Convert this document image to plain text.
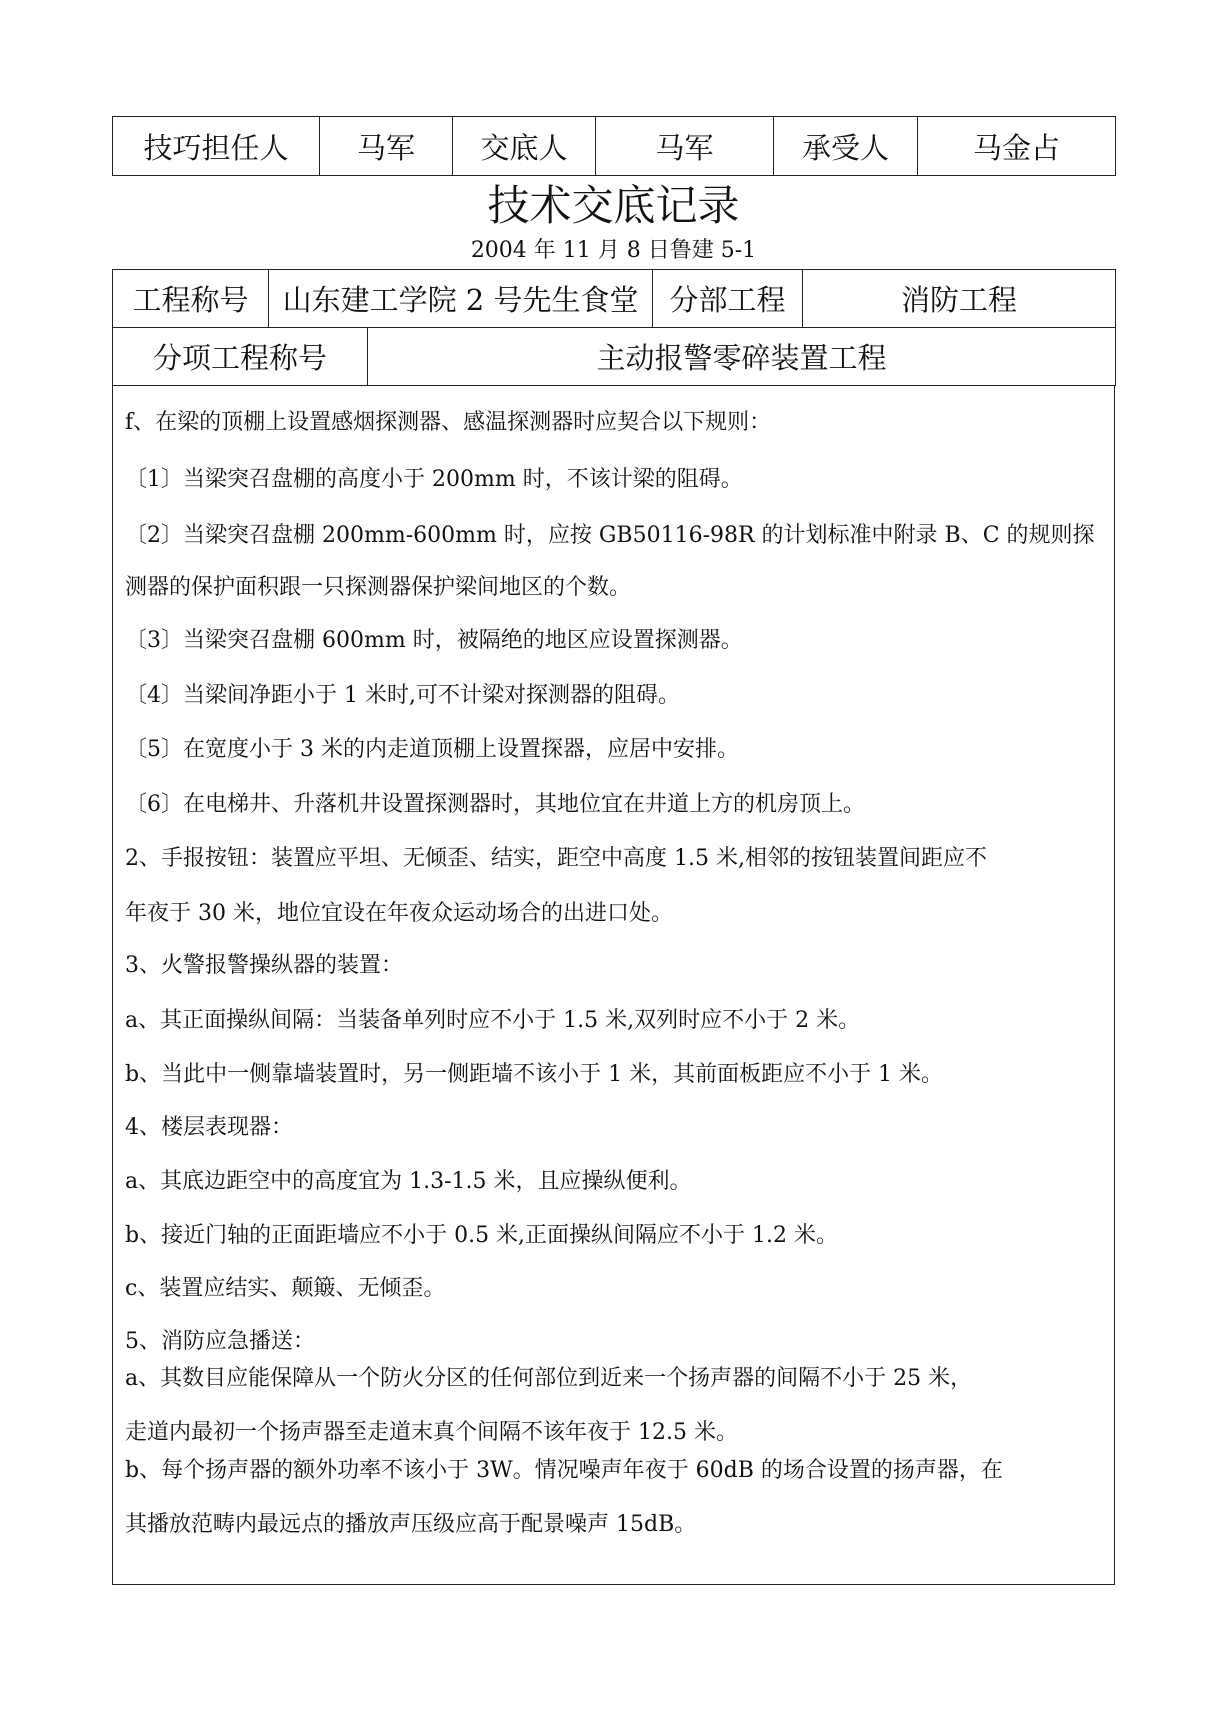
技巧担任人	马军	交底人	马军	承受人	马金占
技术交底记录
2004 年 11 月 8 日鲁建 5-1
工程称号	山东建工学院 2 号先生食堂		分部工程	消防工程
分项工程称号		主动报警零碎装置工程		
f、在梁的顶棚上设置感烟探测器、感温探测器时应契合以下规则：
〔1〕当梁突召盘棚的高度小于 200mm 时，不该计梁的阻碍。
〔2〕当梁突召盘棚 200mm-600mm 时，应按 GB50116-98R 的计划标准中附录 B、C 的规则探
测器的保护面积跟一只探测器保护梁间地区的个数。
〔3〕当梁突召盘棚 600mm 时，被隔绝的地区应设置探测器。
〔4〕当梁间净距小于 1 米时,可不计梁对探测器的阻碍。
〔5〕在宽度小于 3 米的内走道顶棚上设置探器，应居中安排。
〔6〕在电梯井、升落机井设置探测器时，其地位宜在井道上方的机房顶上。
2、手报按钮：装置应平坦、无倾歪、结实，距空中高度 1.5 米,相邻的按钮装置间距应不
年夜于 30 米，地位宜设在年夜众运动场合的出进口处。
3、火警报警操纵器的装置：
a、其正面操纵间隔：当装备单列时应不小于 1.5 米,双列时应不小于 2 米。
b、当此中一侧靠墙装置时，另一侧距墙不该小于 1 米，其前面板距应不小于 1 米。
4、楼层表现器：
a、其底边距空中的高度宜为 1.3-1.5 米，且应操纵便利。
b、接近门轴的正面距墙应不小于 0.5 米,正面操纵间隔应不小于 1.2 米。
c、装置应结实、颠簸、无倾歪。
5、消防应急播送：
a、其数目应能保障从一个防火分区的任何部位到近来一个扬声器的间隔不小于 25 米，
走道内最初一个扬声器至走道末真个间隔不该年夜于 12.5 米。
b、每个扬声器的额外功率不该小于 3W。情况噪声年夜于 60dB 的场合设置的扬声器，在
其播放范畴内最远点的播放声压级应高于配景噪声 15dB。
